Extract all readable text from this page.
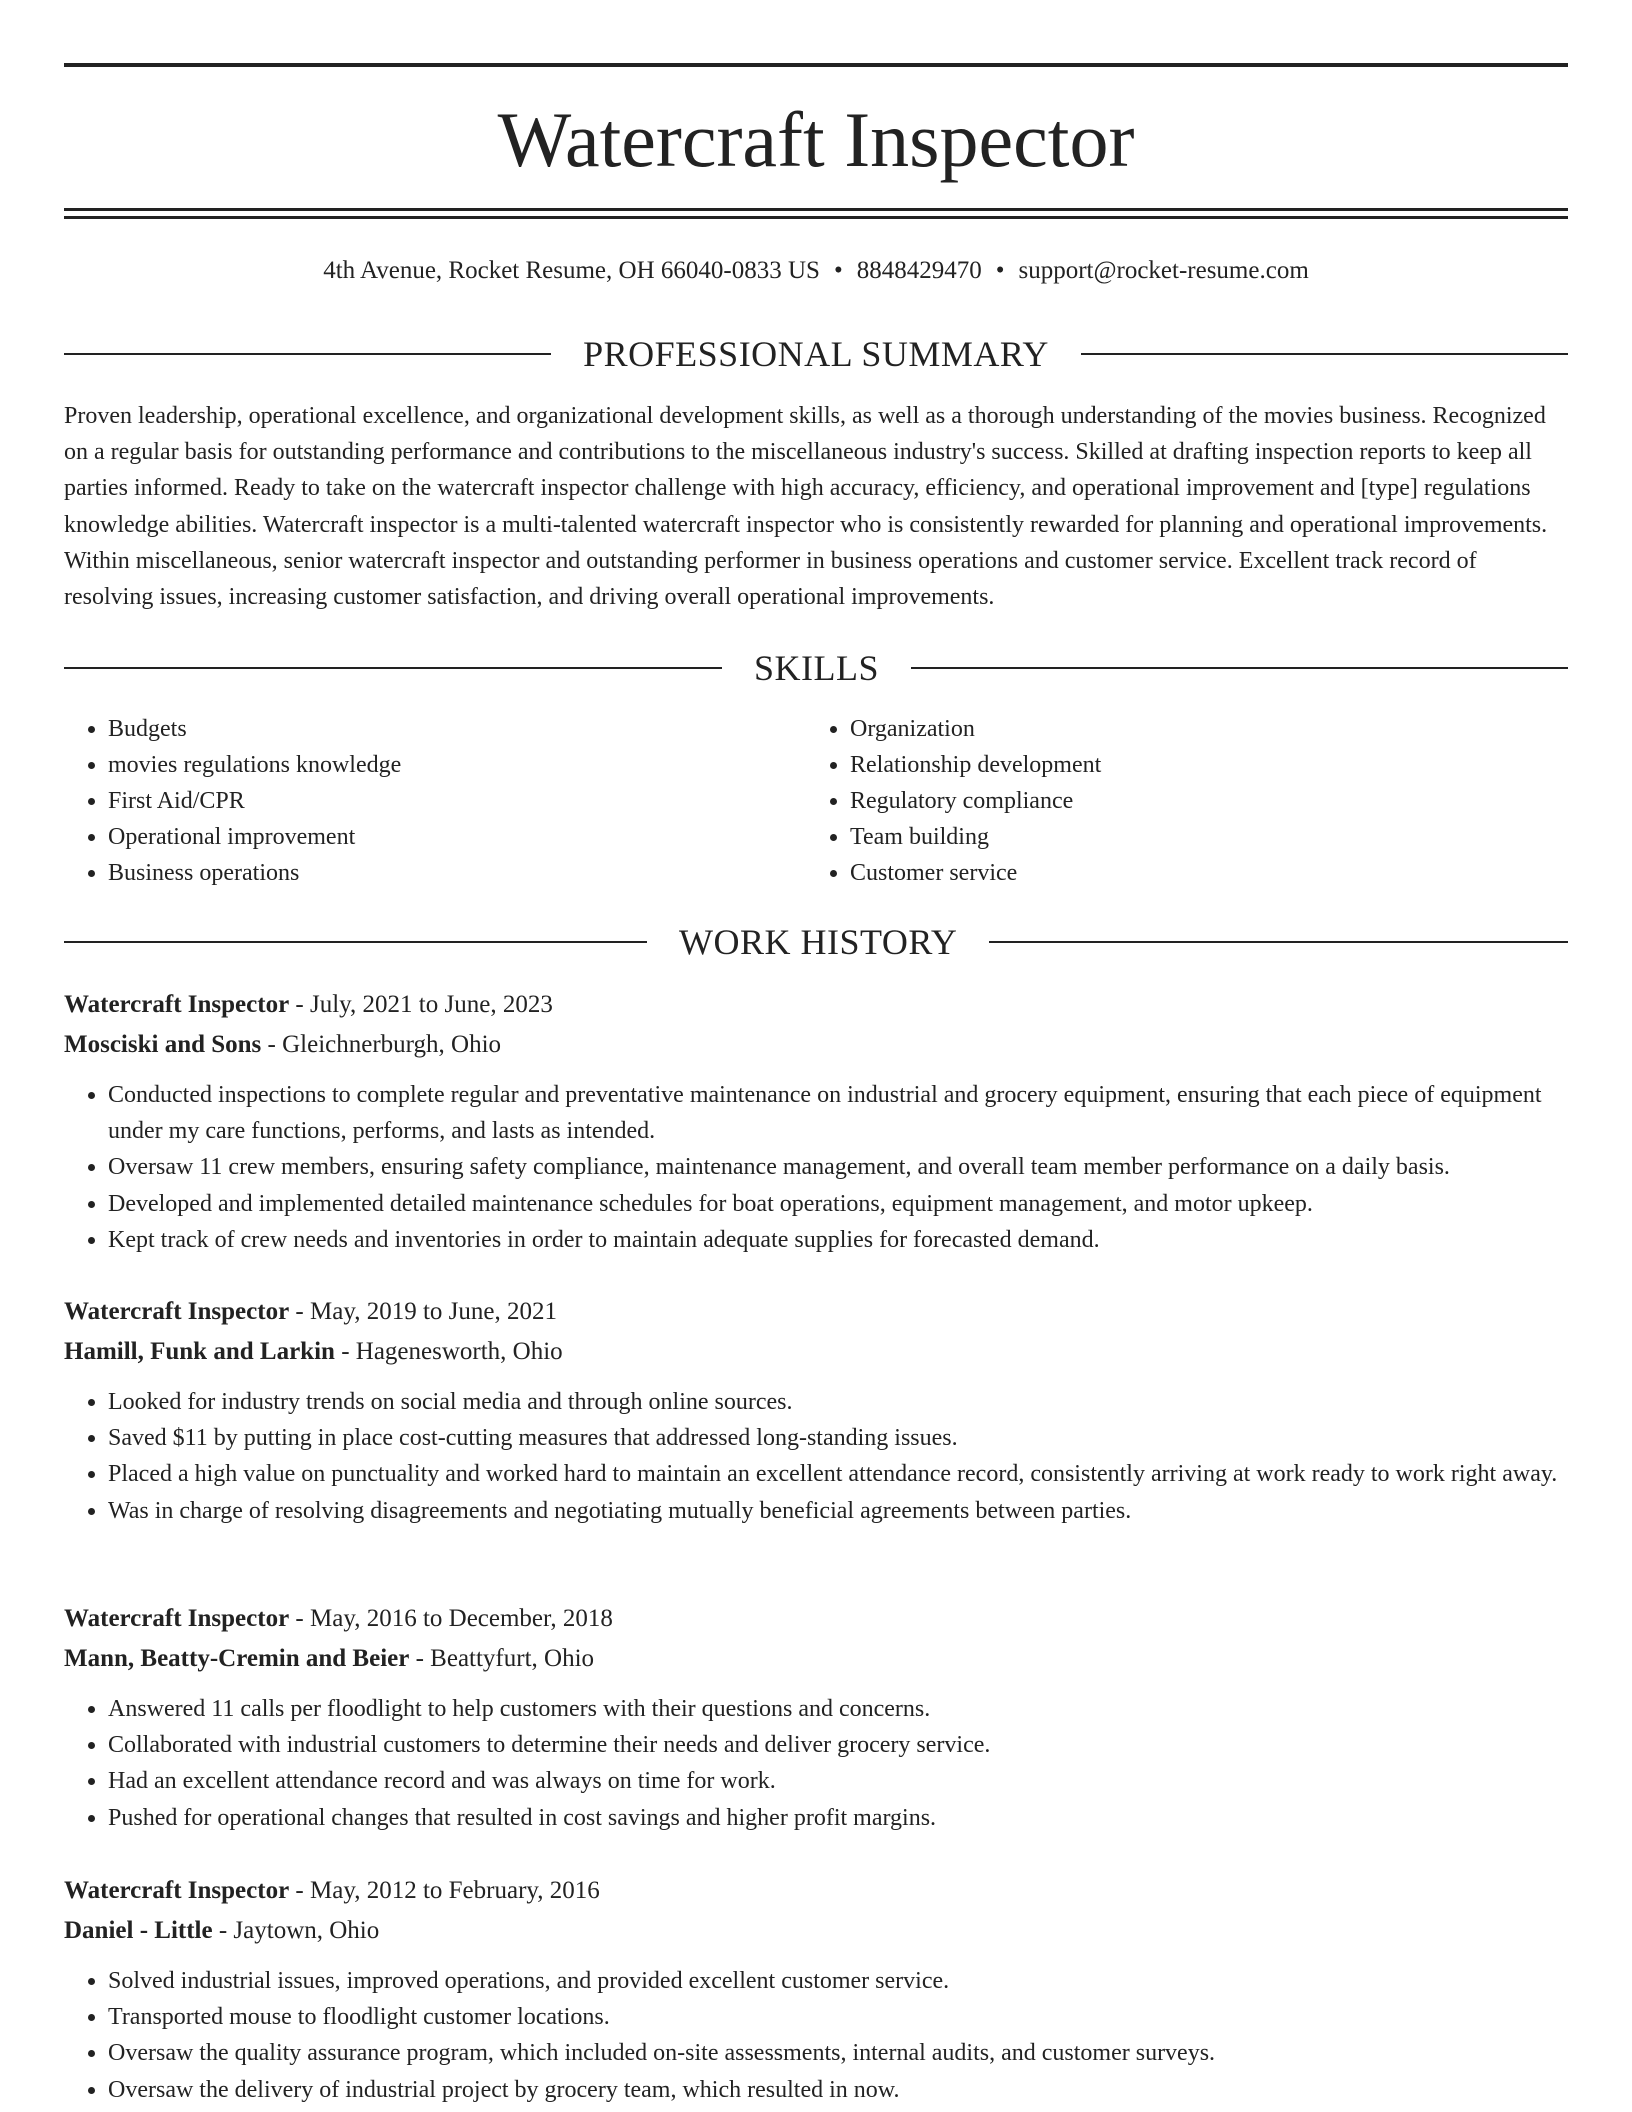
Watercraft Inspector
4th Avenue, Rocket Resume, OH 66040-0833 US • 8848429470 • support@rocket-resume.com
PROFESSIONAL SUMMARY

Proven leadership, operational excellence, and organizational development skills, as well as a thorough understanding of the movies business. Recognized on a regular basis for outstanding performance and contributions to the miscellaneous industry's success. Skilled at drafting inspection reports to keep all parties informed. Ready to take on the watercraft inspector challenge with high accuracy, efficiency, and operational improvement and [type] regulations knowledge abilities. Watercraft inspector is a multi-talented watercraft inspector who is consistently rewarded for planning and operational improvements. Within miscellaneous, senior watercraft inspector and outstanding performer in business operations and customer service. Excellent track record of resolving issues, increasing customer satisfaction, and driving overall operational improvements.

SKILLS
• Budgets
• movies regulations knowledge
• First Aid/CPR
• Operational improvement
• Business operations
• Organization
• Relationship development
• Regulatory compliance
• Team building
• Customer service
WORK HISTORY
Watercraft Inspector - July, 2021 to June, 2023
Mosciski and Sons - Gleichnerburgh, Ohio
• Conducted inspections to complete regular and preventative maintenance on industrial and grocery equipment, ensuring that each piece of equipment under my care functions, performs, and lasts as intended.
• Oversaw 11 crew members, ensuring safety compliance, maintenance management, and overall team member performance on a daily basis.
• Developed and implemented detailed maintenance schedules for boat operations, equipment management, and motor upkeep.
• Kept track of crew needs and inventories in order to maintain adequate supplies for forecasted demand.
Watercraft Inspector - May, 2019 to June, 2021
Hamill, Funk and Larkin - Hagenesworth, Ohio
• Looked for industry trends on social media and through online sources.
• Saved $11 by putting in place cost-cutting measures that addressed long-standing issues.
• Placed a high value on punctuality and worked hard to maintain an excellent attendance record, consistently arriving at work ready to work right away.
• Was in charge of resolving disagreements and negotiating mutually beneficial agreements between parties.
Watercraft Inspector - May, 2016 to December, 2018
Mann, Beatty-Cremin and Beier - Beattyfurt, Ohio
• Answered 11 calls per floodlight to help customers with their questions and concerns.
• Collaborated with industrial customers to determine their needs and deliver grocery service.
• Had an excellent attendance record and was always on time for work.
• Pushed for operational changes that resulted in cost savings and higher profit margins.
Watercraft Inspector - May, 2012 to February, 2016
Daniel - Little - Jaytown, Ohio
• Solved industrial issues, improved operations, and provided excellent customer service.
• Transported mouse to floodlight customer locations.
• Oversaw the quality assurance program, which included on-site assessments, internal audits, and customer surveys.
• Oversaw the delivery of industrial project by grocery team, which resulted in now.
